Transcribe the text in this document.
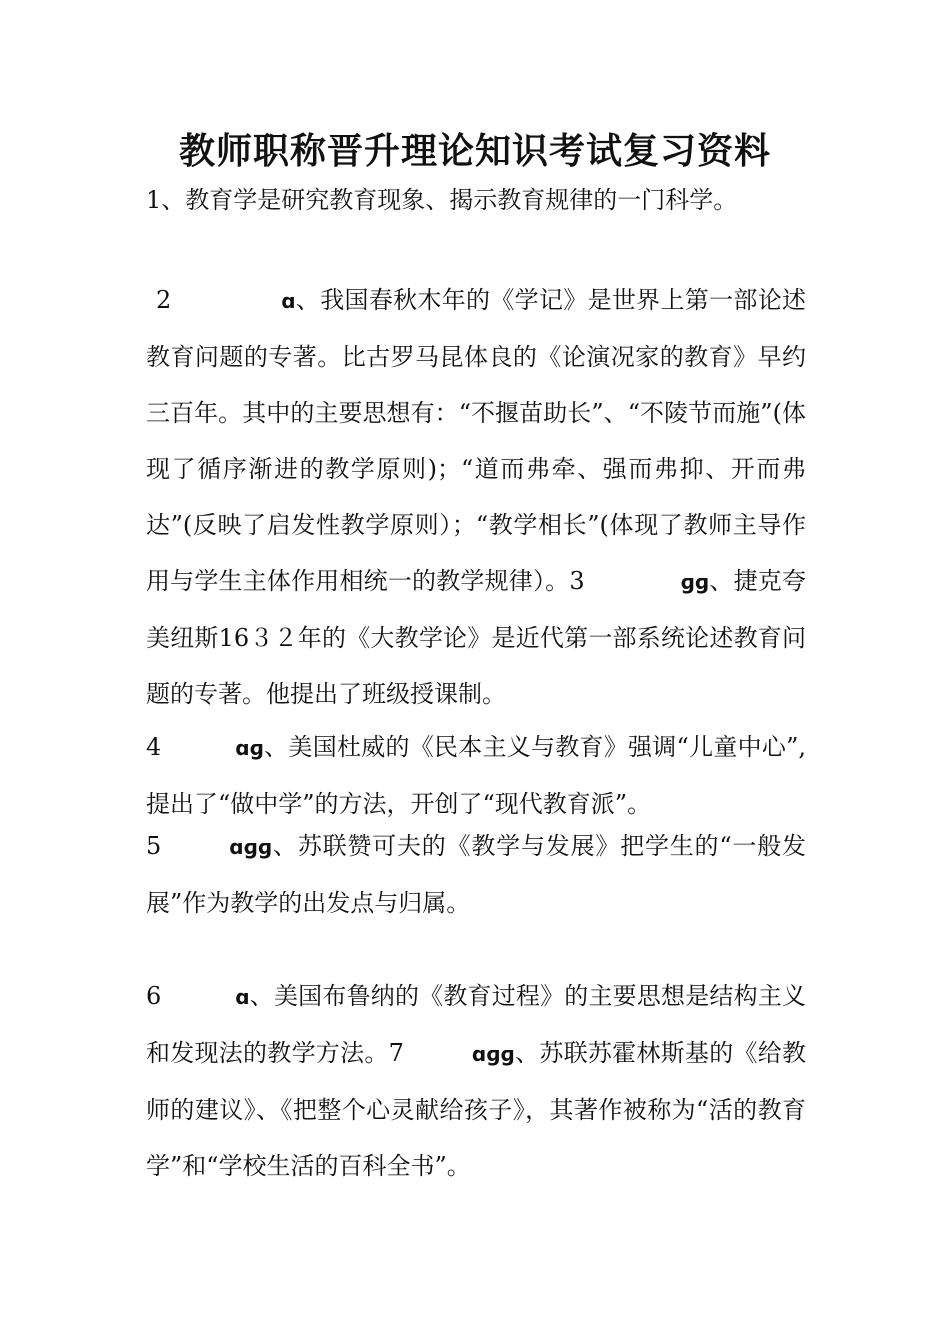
教师职称晋升理论知识考试复习资料

1、教育学是研究教育现象、揭示教育规律的一门科学。

2	ɑ、我国春秋木年的《学记》是世界上第一部论述教育问题的专著。比古罗马昆体良的《论演况家的教育》早约三百年。其中的主要思想有：“不揠苗助长”、“不陵节而施”(体现了循序渐进的教学原则)；“道而弗牵、强而弗抑、开而弗达”(反映了启发性教学原则）；“教学相长”(体现了教师主导作用与学生主体作用相统一的教学规律）。3	ɡɡ、捷克夸美纽斯16３２年的《大教学论》是近代第一部系统论述教育问题的专著。他提出了班级授课制。

4	ɑɡ、美国杜威的《民本主义与教育》强调“儿童中心”,提出了“做中学”的方法，开创了“现代教育派”。

5	ɑɡɡ、苏联赞可夫的《教学与发展》把学生的“一般发展”作为教学的出发点与归属。

6	ɑ、美国布鲁纳的《教育过程》的主要思想是结构主义和发现法的教学方法。7	ɑɡɡ、苏联苏霍林斯基的《给教师的建议》、《把整个心灵献给孩子》，其著作被称为“活的教育学”和“学校生活的百科全书”。
